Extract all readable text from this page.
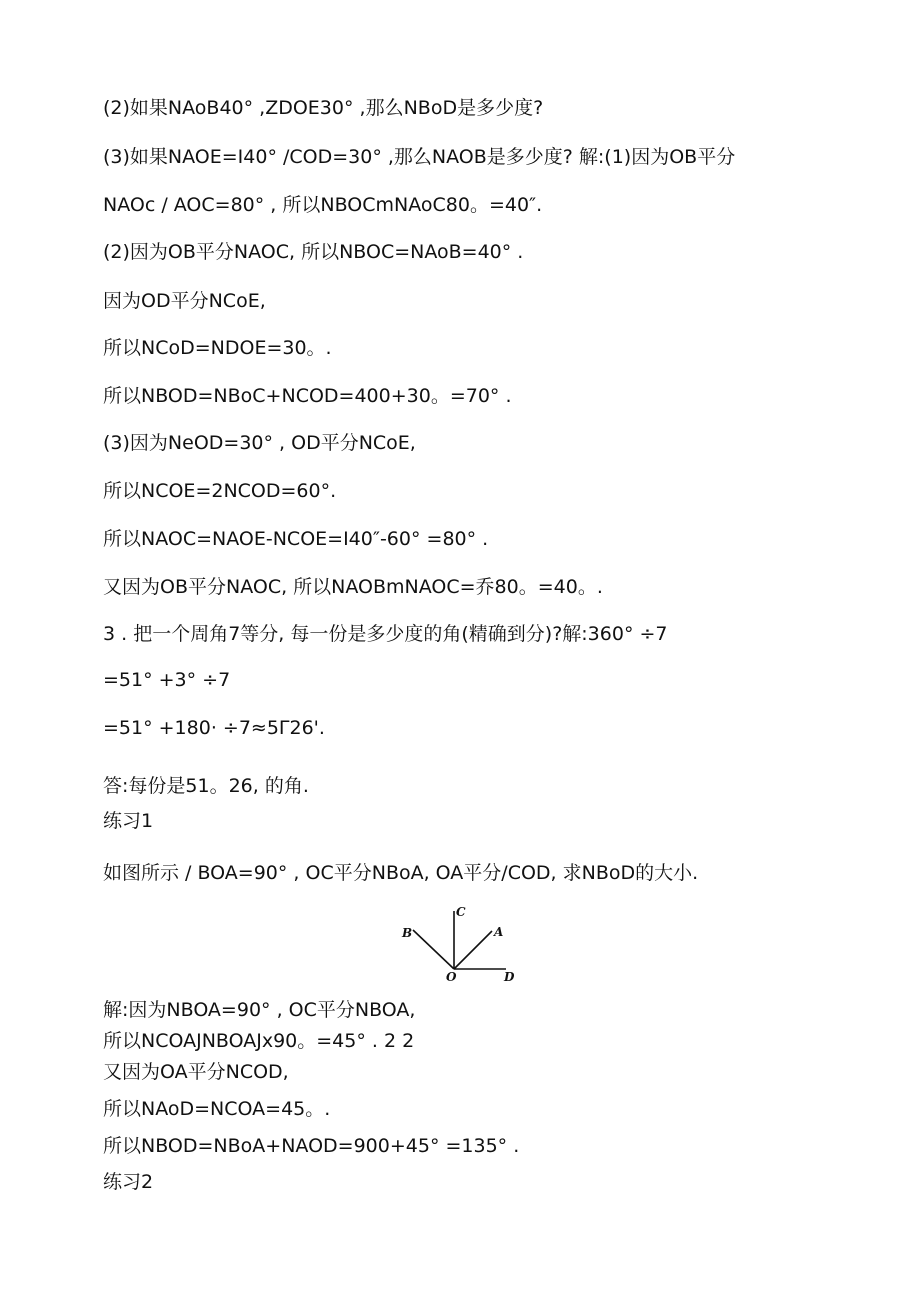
(2)如果NAoB40° ,ZDOE30° ,那么NBoD是多少度?
(3)如果NAOE=I40° /COD=30° ,那么NAOB是多少度? 解:(1)因为OB平分
NAOc / AOC=80° , 所以NBOCmNAoC80。=40″.
(2)因为OB平分NAOC, 所以NBOC=NAoB=40° .
因为OD平分NCoE,
所以NCoD=NDOE=30。.
所以NBOD=NBoC+NCOD=400+30。=70° .
(3)因为NeOD=30° , OD平分NCoE,
所以NCOE=2NCOD=60°.
所以NAOC=NAOE-NCOE=I40″-60° =80° .
又因为OB平分NAOC, 所以NAOBmNAOC=乔80。=40。.
3 . 把一个周角7等分, 每一份是多少度的角(精确到分)?解:360° ÷7
=51° +3° ÷7
=51° +180· ÷7≈5Γ26'.
答:每份是51。26, 的角.
练习1
如图所示 / BOA=90° , OC平分NBoA, OA平分/COD, 求NBoD的大小.
B
C
A
O	D
解:因为NBOA=90° , OC平分NBOA,
所以NCOAJNBOAJx90。=45° . 2 2
又因为OA平分NCOD,
所以NAoD=NCOA=45。.
所以NBOD=NBoA+NAOD=900+45° =135° .
练习2
